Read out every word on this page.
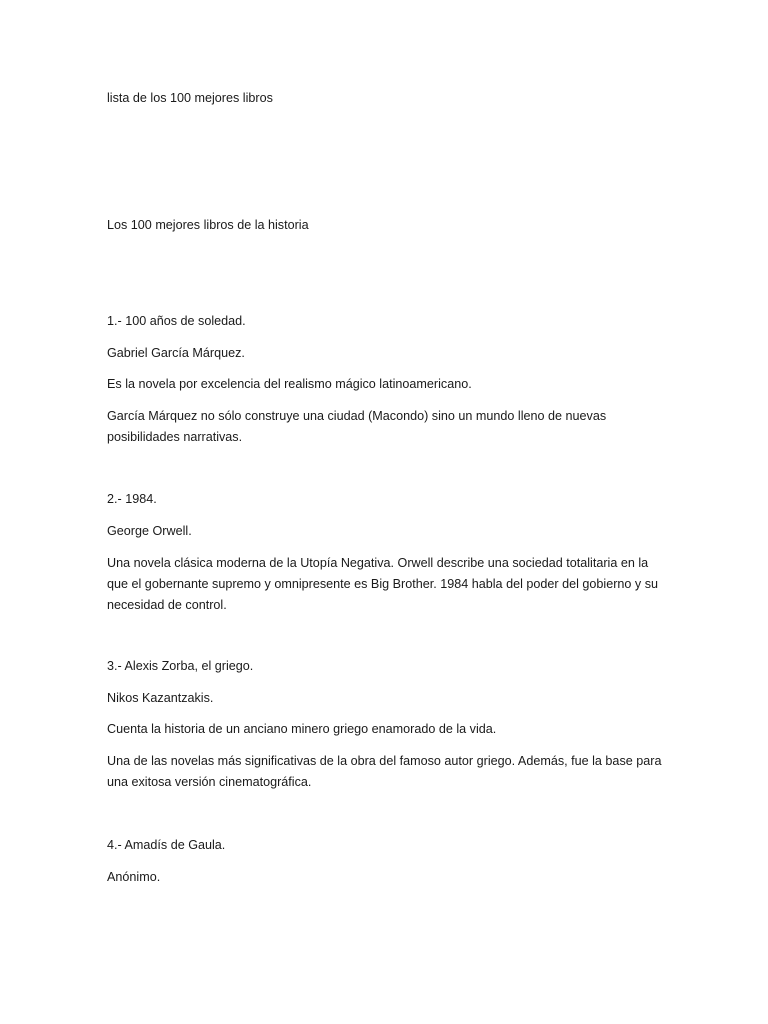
lista de los 100 mejores libros

Los 100 mejores libros de la historia

1.- 100 años de soledad.

Gabriel García Márquez.

Es la novela por excelencia del realismo mágico latinoamericano.

García Márquez no sólo construye una ciudad (Macondo) sino un mundo lleno de nuevas posibilidades narrativas.

2.- 1984.

George Orwell.

Una novela clásica moderna de la Utopía Negativa. Orwell describe una sociedad totalitaria en la que el gobernante supremo y omnipresente es Big Brother. 1984 habla del poder del gobierno y su necesidad de control.

3.- Alexis Zorba, el griego.

Nikos Kazantzakis.

Cuenta la historia de un anciano minero griego enamorado de la vida.

Una de las novelas más significativas de la obra del famoso autor griego. Además, fue la base para una exitosa versión cinematográfica.

4.- Amadís de Gaula.

Anónimo.
